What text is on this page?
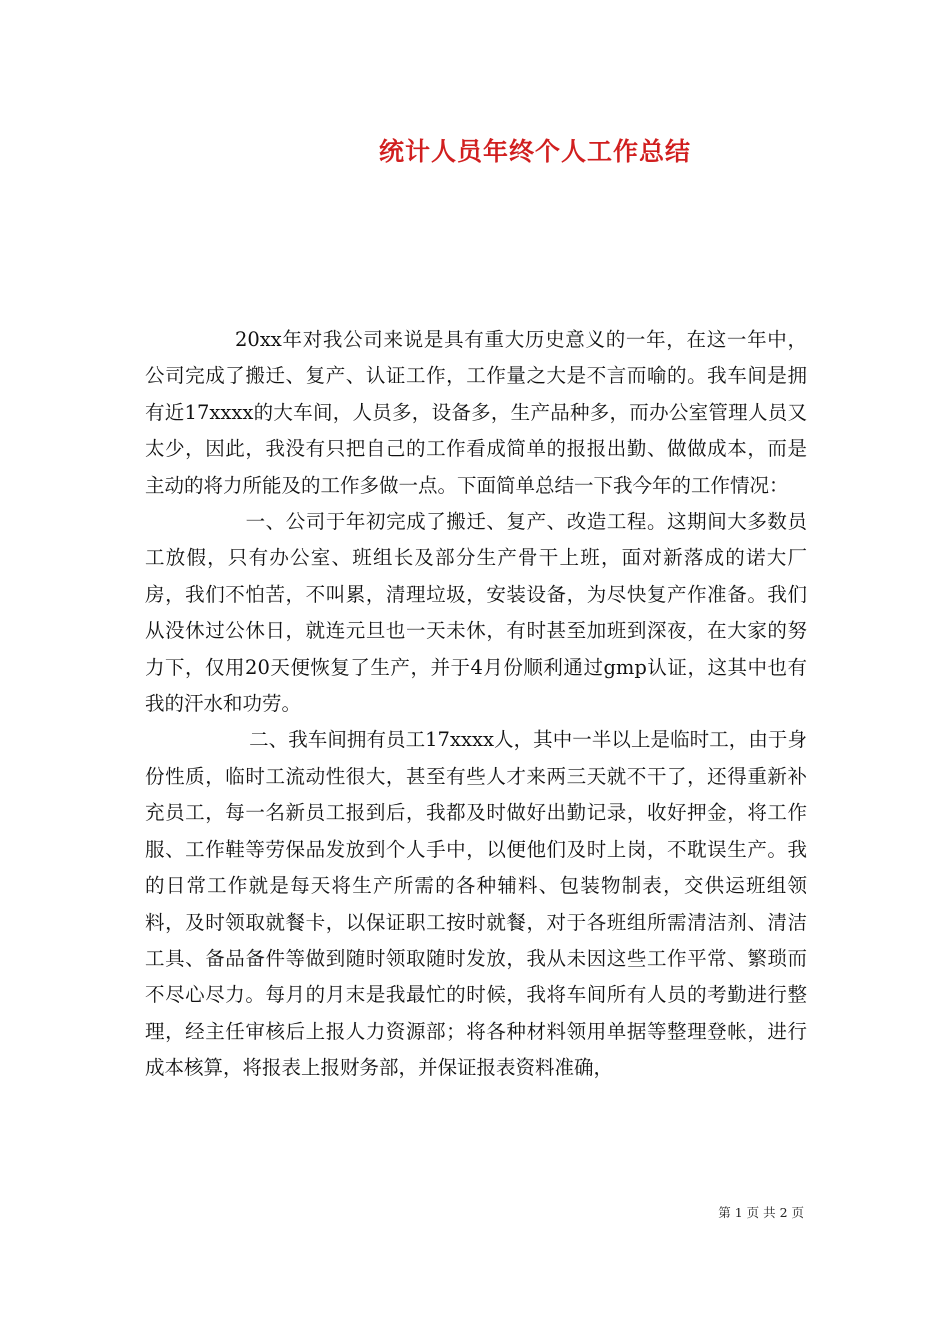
统计人员年终个人工作总结

20xx年对我公司来说是具有重大历史意义的一年，在这一年中，公司完成了搬迁、复产、认证工作，工作量之大是不言而喻的。我车间是拥有近17xxxx的大车间，人员多，设备多，生产品种多，而办公室管理人员又太少，因此，我没有只把自己的工作看成简单的报报出勤、做做成本，而是主动的将力所能及的工作多做一点。下面简单总结一下我今年的工作情况：

一、公司于年初完成了搬迁、复产、改造工程。这期间大多数员工放假，只有办公室、班组长及部分生产骨干上班，面对新落成的诺大厂房，我们不怕苦，不叫累，清理垃圾，安装设备，为尽快复产作准备。我们从没休过公休日，就连元旦也一天未休，有时甚至加班到深夜，在大家的努力下，仅用20天便恢复了生产，并于4月份顺利通过gmp认证，这其中也有我的汗水和功劳。

二、我车间拥有员工17xxxx人，其中一半以上是临时工，由于身份性质，临时工流动性很大，甚至有些人才来两三天就不干了，还得重新补充员工，每一名新员工报到后，我都及时做好出勤记录，收好押金，将工作服、工作鞋等劳保品发放到个人手中，以便他们及时上岗，不耽误生产。我的日常工作就是每天将生产所需的各种辅料、包装物制表，交供运班组领料，及时领取就餐卡，以保证职工按时就餐，对于各班组所需清洁剂、清洁工具、备品备件等做到随时领取随时发放，我从未因这些工作平常、繁琐而不尽心尽力。每月的月末是我最忙的时候，我将车间所有人员的考勤进行整理，经主任审核后上报人力资源部；将各种材料领用单据等整理登帐，进行成本核算，将报表上报财务部，并保证报表资料准确，

第 1 页 共 2 页
